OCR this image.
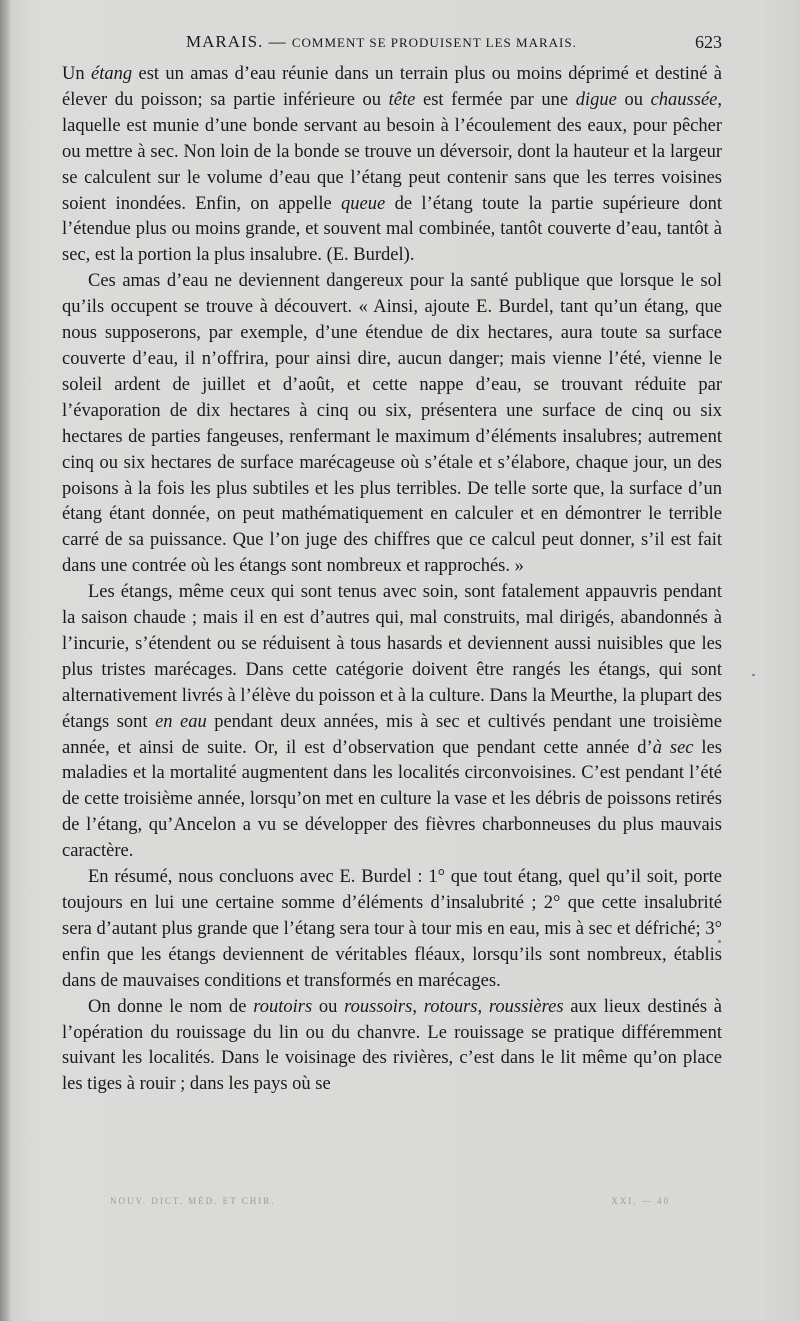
MARAIS. — COMMENT SE PRODUISENT LES MARAIS.	623

Un étang est un amas d’eau réunie dans un terrain plus ou moins déprimé et destiné à élever du poisson; sa partie inférieure ou tête est fermée par une digue ou chaussée, laquelle est munie d’une bonde servant au besoin à l’écoulement des eaux, pour pêcher ou mettre à sec. Non loin de la bonde se trouve un déversoir, dont la hauteur et la largeur se calculent sur le volume d’eau que l’étang peut contenir sans que les terres voisines soient inondées. Enfin, on appelle queue de l’étang toute la partie supérieure dont l’étendue plus ou moins grande, et souvent mal combinée, tantôt couverte d’eau, tantôt à sec, est la portion la plus insalubre. (E. Burdel).

Ces amas d’eau ne deviennent dangereux pour la santé publique que lorsque le sol qu’ils occupent se trouve à découvert. « Ainsi, ajoute E. Burdel, tant qu’un étang, que nous supposerons, par exemple, d’une étendue de dix hectares, aura toute sa surface couverte d’eau, il n’offrira, pour ainsi dire, aucun danger; mais vienne l’été, vienne le soleil ardent de juillet et d’août, et cette nappe d’eau, se trouvant réduite par l’évaporation de dix hectares à cinq ou six, présentera une surface de cinq ou six hectares de parties fangeuses, renfermant le maximum d’éléments insalubres; autrement cinq ou six hectares de surface marécageuse où s’étale et s’élabore, chaque jour, un des poisons à la fois les plus subtiles et les plus terribles. De telle sorte que, la surface d’un étang étant donnée, on peut mathématiquement en calculer et en démontrer le terrible carré de sa puissance. Que l’on juge des chiffres que ce calcul peut donner, s’il est fait dans une contrée où les étangs sont nombreux et rapprochés. »

Les étangs, même ceux qui sont tenus avec soin, sont fatalement appauvris pendant la saison chaude ; mais il en est d’autres qui, mal construits, mal dirigés, abandonnés à l’incurie, s’étendent ou se réduisent à tous hasards et deviennent aussi nuisibles que les plus tristes marécages. Dans cette catégorie doivent être rangés les étangs, qui sont alternativement livrés à l’élève du poisson et à la culture. Dans la Meurthe, la plupart des étangs sont en eau pendant deux années, mis à sec et cultivés pendant une troisième année, et ainsi de suite. Or, il est d’observation que pendant cette année d’à sec les maladies et la mortalité augmentent dans les localités circonvoisines. C’est pendant l’été de cette troisième année, lorsqu’on met en culture la vase et les débris de poissons retirés de l’étang, qu’Ancelon a vu se développer des fièvres charbonneuses du plus mauvais caractère.

En résumé, nous concluons avec E. Burdel : 1° que tout étang, quel qu’il soit, porte toujours en lui une certaine somme d’éléments d’insalubrité ; 2° que cette insalubrité sera d’autant plus grande que l’étang sera tour à tour mis en eau, mis à sec et défriché; 3° enfin que les étangs deviennent de véritables fléaux, lorsqu’ils sont nombreux, établis dans de mauvaises conditions et transformés en marécages.

On donne le nom de routoirs ou roussoirs, rotours, roussières aux lieux destinés à l’opération du rouissage du lin ou du chanvre. Le rouissage se pratique différemment suivant les localités. Dans le voisinage des rivières, c’est dans le lit même qu’on place les tiges à rouir ; dans les pays où se

NOUV. DICT. MÉD. ET CHIR.	XXI. — 40
